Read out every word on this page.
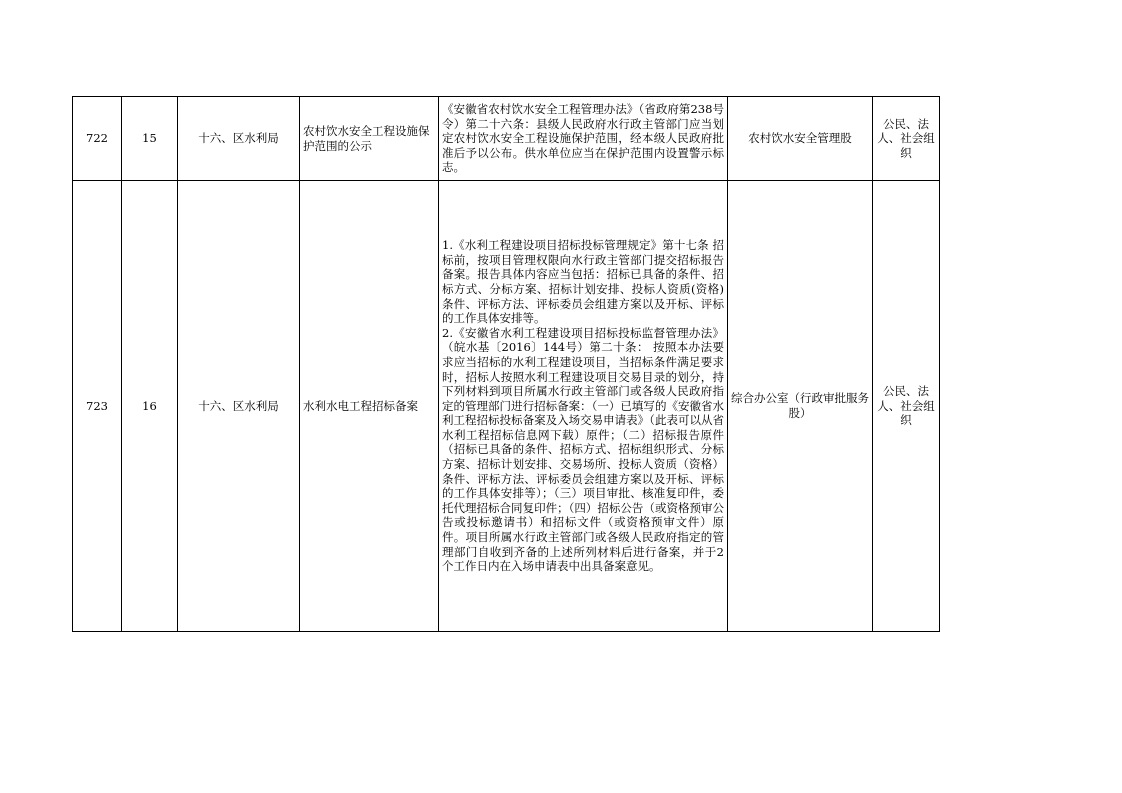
722	15	十六、区水利局	农村饮水安全工程设施保护范围的公示	《安徽省农村饮水安全工程管理办法》（省政府第238号令）第二十六条：县级人民政府水行政主管部门应当划定农村饮水安全工程设施保护范围，经本级人民政府批准后予以公布。供水单位应当在保护范围内设置警示标志。	农村饮水安全管理股	公民、法人、社会组织
723	16	十六、区水利局	水利水电工程招标备案	1.《水利工程建设项目招标投标管理规定》第十七条 招标前，按项目管理权限向水行政主管部门提交招标报告备案。报告具体内容应当包括：招标已具备的条件、招标方式、分标方案、招标计划安排、投标人资质(资格)条件、评标方法、评标委员会组建方案以及开标、评标的工作具体安排等。
2.《安徽省水利工程建设项目招标投标监督管理办法》（皖水基〔2016〕144号）第二十条： 按照本办法要求应当招标的水利工程建设项目，当招标条件满足要求时，招标人按照水利工程建设项目交易目录的划分，持下列材料到项目所属水行政主管部门或各级人民政府指定的管理部门进行招标备案：（一）已填写的《安徽省水利工程招标投标备案及入场交易申请表》（此表可以从省水利工程招标信息网下载）原件；（二）招标报告原件（招标已具备的条件、招标方式、招标组织形式、分标方案、招标计划安排、交易场所、投标人资质（资格）条件、评标方法、评标委员会组建方案以及开标、评标的工作具体安排等）；（三）项目审批、核准复印件，委托代理招标合同复印件；（四）招标公告（或资格预审公告或投标邀请书）和招标文件（或资格预审文件）原件。项目所属水行政主管部门或各级人民政府指定的管理部门自收到齐备的上述所列材料后进行备案，并于2个工作日内在入场申请表中出具备案意见。	综合办公室（行政审批服务股）	公民、法人、社会组织
